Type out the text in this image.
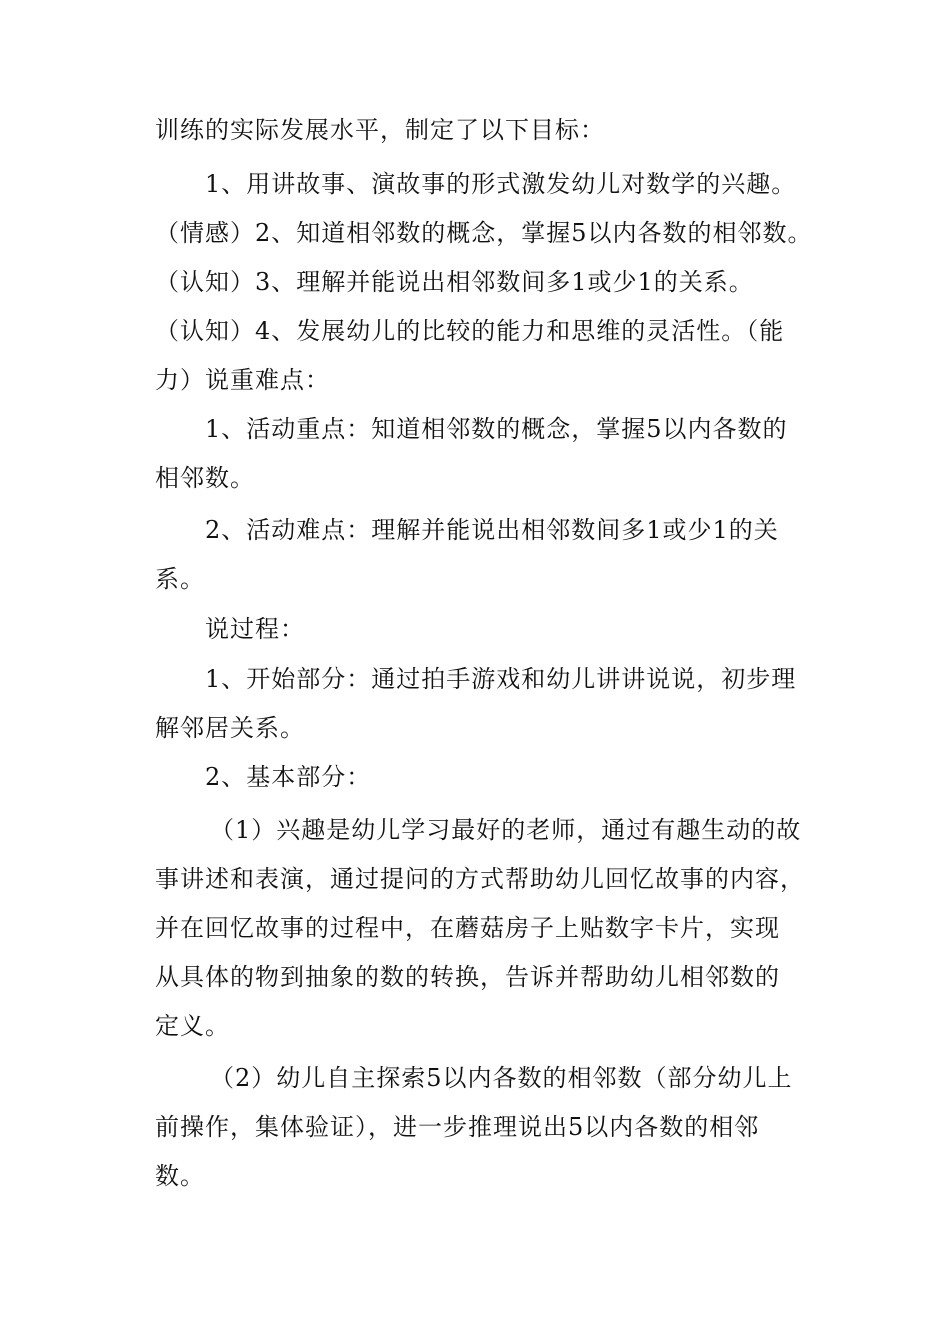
训练的实际发展水平，制定了以下目标：
1、用讲故事、演故事的形式激发幼儿对数学的兴趣。
（情感）2、知道相邻数的概念，掌握5以内各数的相邻数。
（认知）3、理解并能说出相邻数间多1或少1的关系。
（认知）4、发展幼儿的比较的能力和思维的灵活性。（能
力）说重难点：
1、活动重点：知道相邻数的概念，掌握5以内各数的
相邻数。
2、活动难点：理解并能说出相邻数间多1或少1的关
系。
说过程：
1、开始部分：通过拍手游戏和幼儿讲讲说说，初步理
解邻居关系。
2、基本部分：
（1）兴趣是幼儿学习最好的老师，通过有趣生动的故
事讲述和表演，通过提问的方式帮助幼儿回忆故事的内容，
并在回忆故事的过程中，在蘑菇房子上贴数字卡片，实现
从具体的物到抽象的数的转换，告诉并帮助幼儿相邻数的
定义。
（2）幼儿自主探索5以内各数的相邻数（部分幼儿上
前操作，集体验证），进一步推理说出5以内各数的相邻
数。
